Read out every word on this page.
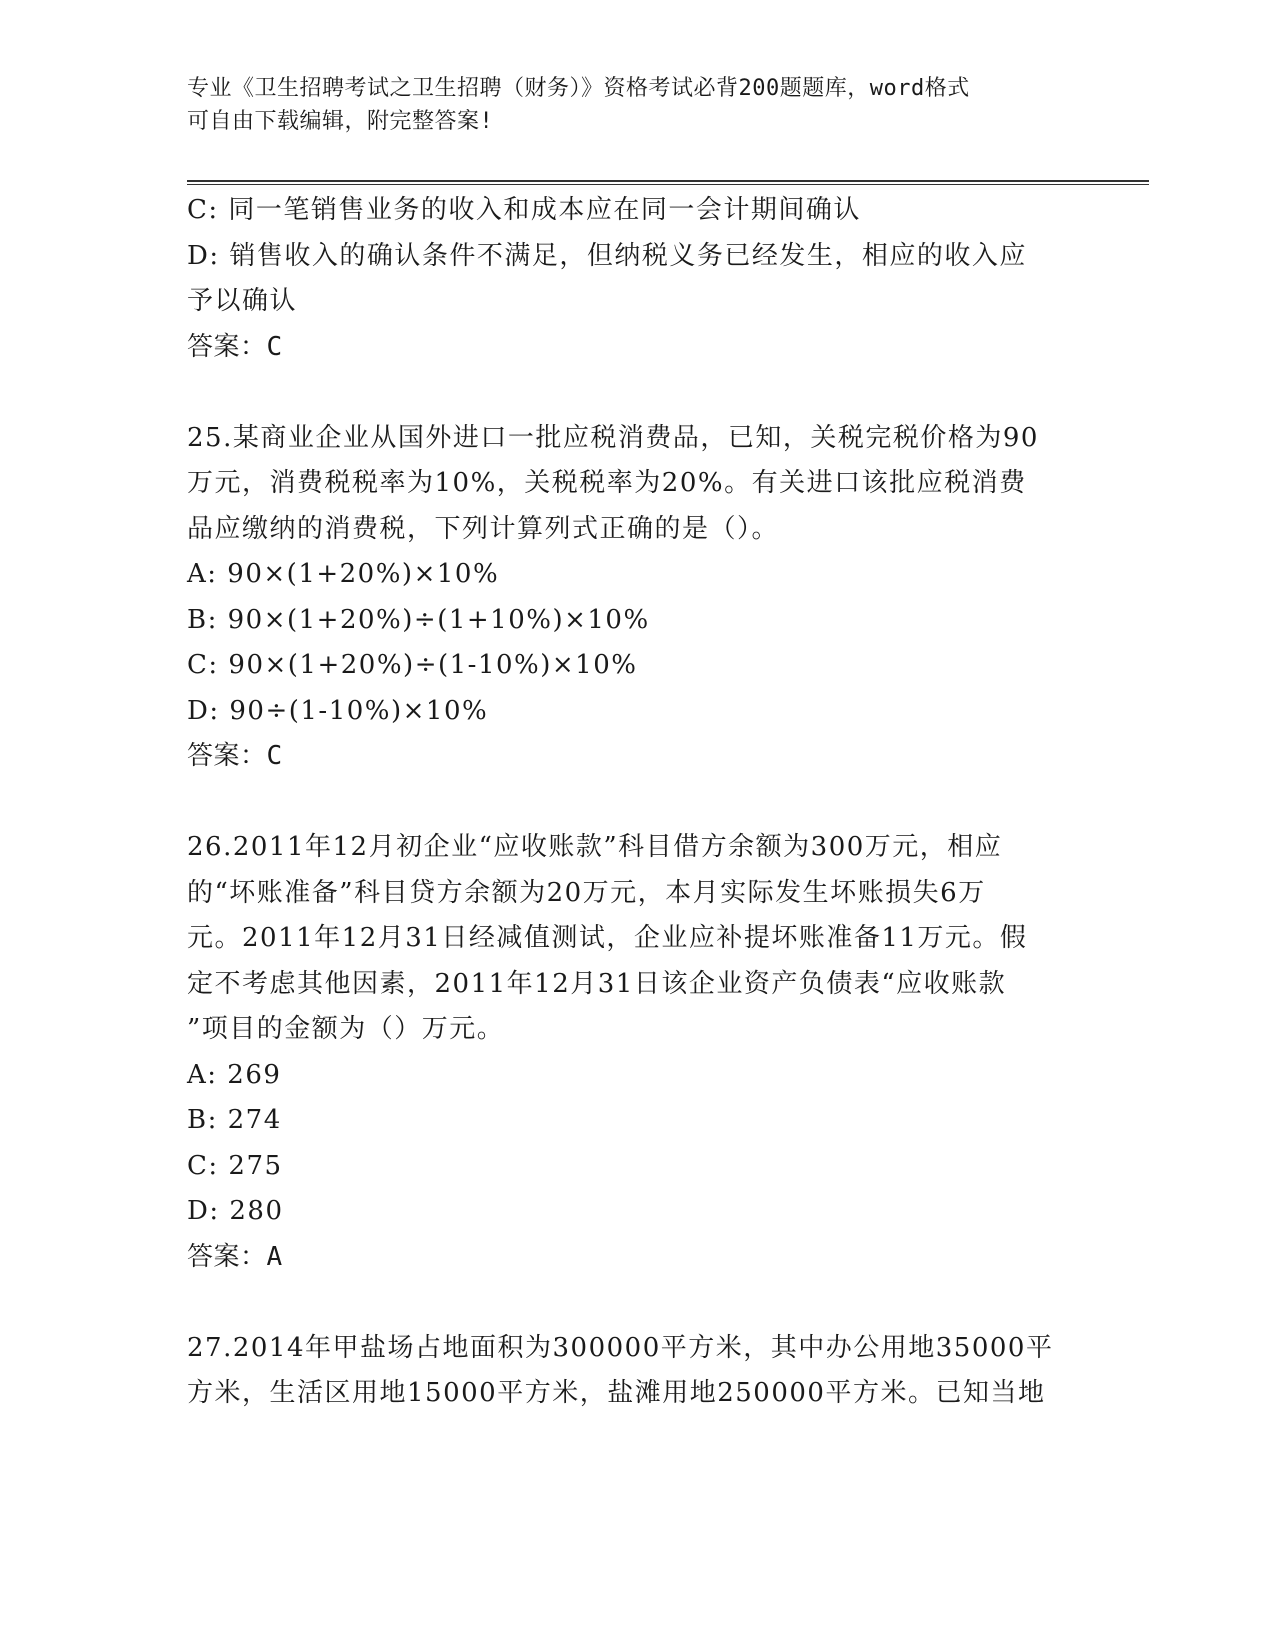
专业《卫生招聘考试之卫生招聘（财务）》资格考试必背200题题库，word格式
可自由下载编辑，附完整答案!

C: 同一笔销售业务的收入和成本应在同一会计期间确认

D: 销售收入的确认条件不满足，但纳税义务已经发生，相应的收入应

予以确认

答案：C

25.某商业企业从国外进口一批应税消费品，已知，关税完税价格为90

万元，消费税税率为10%，关税税率为20%。有关进口该批应税消费

品应缴纳的消费税，下列计算列式正确的是（）。

A: 90×(1+20%)×10%

B: 90×(1+20%)÷(1+10%)×10%

C: 90×(1+20%)÷(1-10%)×10%

D: 90÷(1-10%)×10%

答案：C

26.2011年12月初企业“应收账款”科目借方余额为300万元，相应

的“坏账准备”科目贷方余额为20万元，本月实际发生坏账损失6万

元。2011年12月31日经减值测试，企业应补提坏账准备11万元。假

定不考虑其他因素，2011年12月31日该企业资产负债表“应收账款

”项目的金额为（）万元。

A: 269

B: 274

C: 275

D: 280

答案：A

27.2014年甲盐场占地面积为300000平方米，其中办公用地35000平

方米，生活区用地15000平方米，盐滩用地250000平方米。已知当地
